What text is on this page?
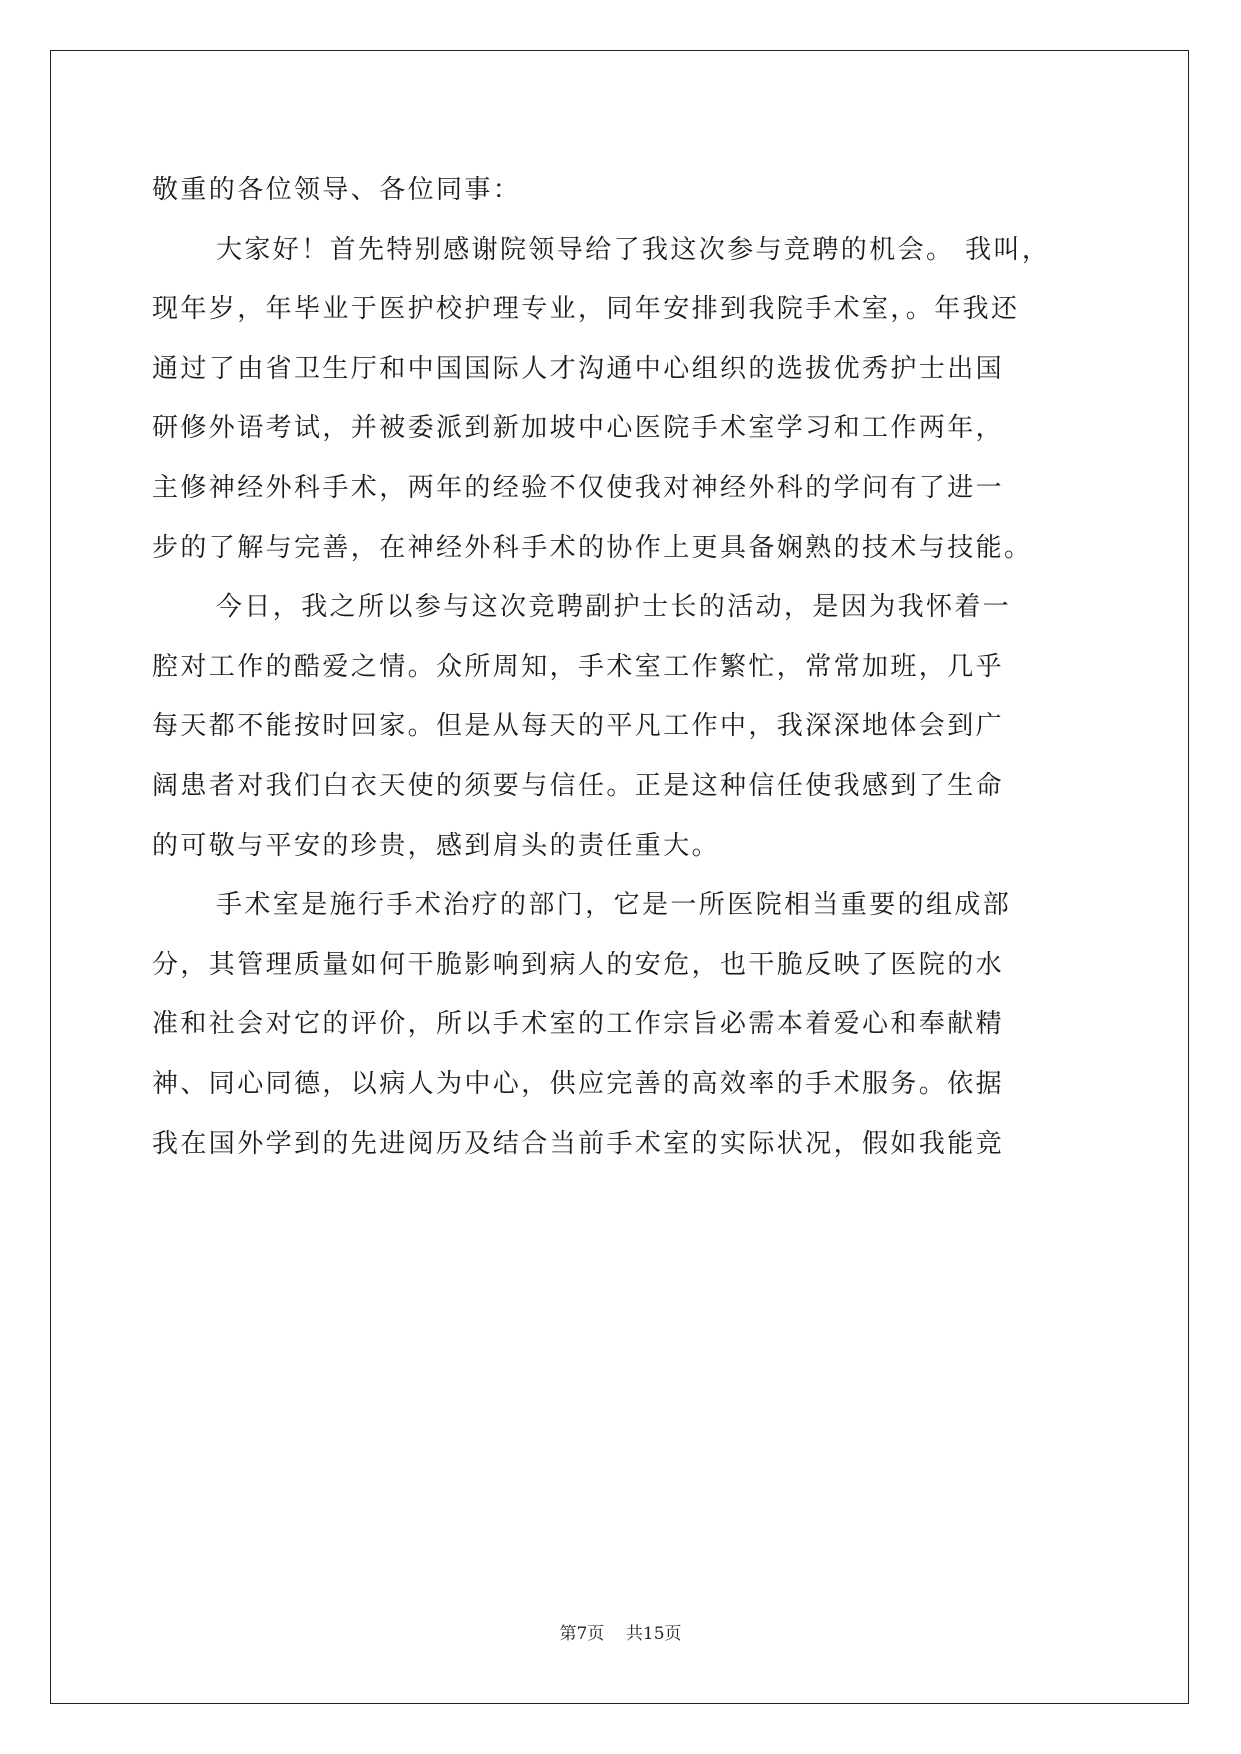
敬重的各位领导、各位同事：
大家好！首先特别感谢院领导给了我这次参与竞聘的机会。 我叫，
现年岁，年毕业于医护校护理专业，同年安排到我院手术室，。年我还
通过了由省卫生厅和中国国际人才沟通中心组织的选拔优秀护士出国
研修外语考试，并被委派到新加坡中心医院手术室学习和工作两年，
主修神经外科手术，两年的经验不仅使我对神经外科的学问有了进一
步的了解与完善，在神经外科手术的协作上更具备娴熟的技术与技能。
今日，我之所以参与这次竞聘副护士长的活动，是因为我怀着一
腔对工作的酷爱之情。众所周知，手术室工作繁忙，常常加班，几乎
每天都不能按时回家。但是从每天的平凡工作中，我深深地体会到广
阔患者对我们白衣天使的须要与信任。正是这种信任使我感到了生命
的可敬与平安的珍贵，感到肩头的责任重大。
手术室是施行手术治疗的部门，它是一所医院相当重要的组成部
分，其管理质量如何干脆影响到病人的安危，也干脆反映了医院的水
准和社会对它的评价，所以手术室的工作宗旨必需本着爱心和奉献精
神、同心同德，以病人为中心，供应完善的高效率的手术服务。依据
我在国外学到的先进阅历及结合当前手术室的实际状况，假如我能竞
第7页 共15页
